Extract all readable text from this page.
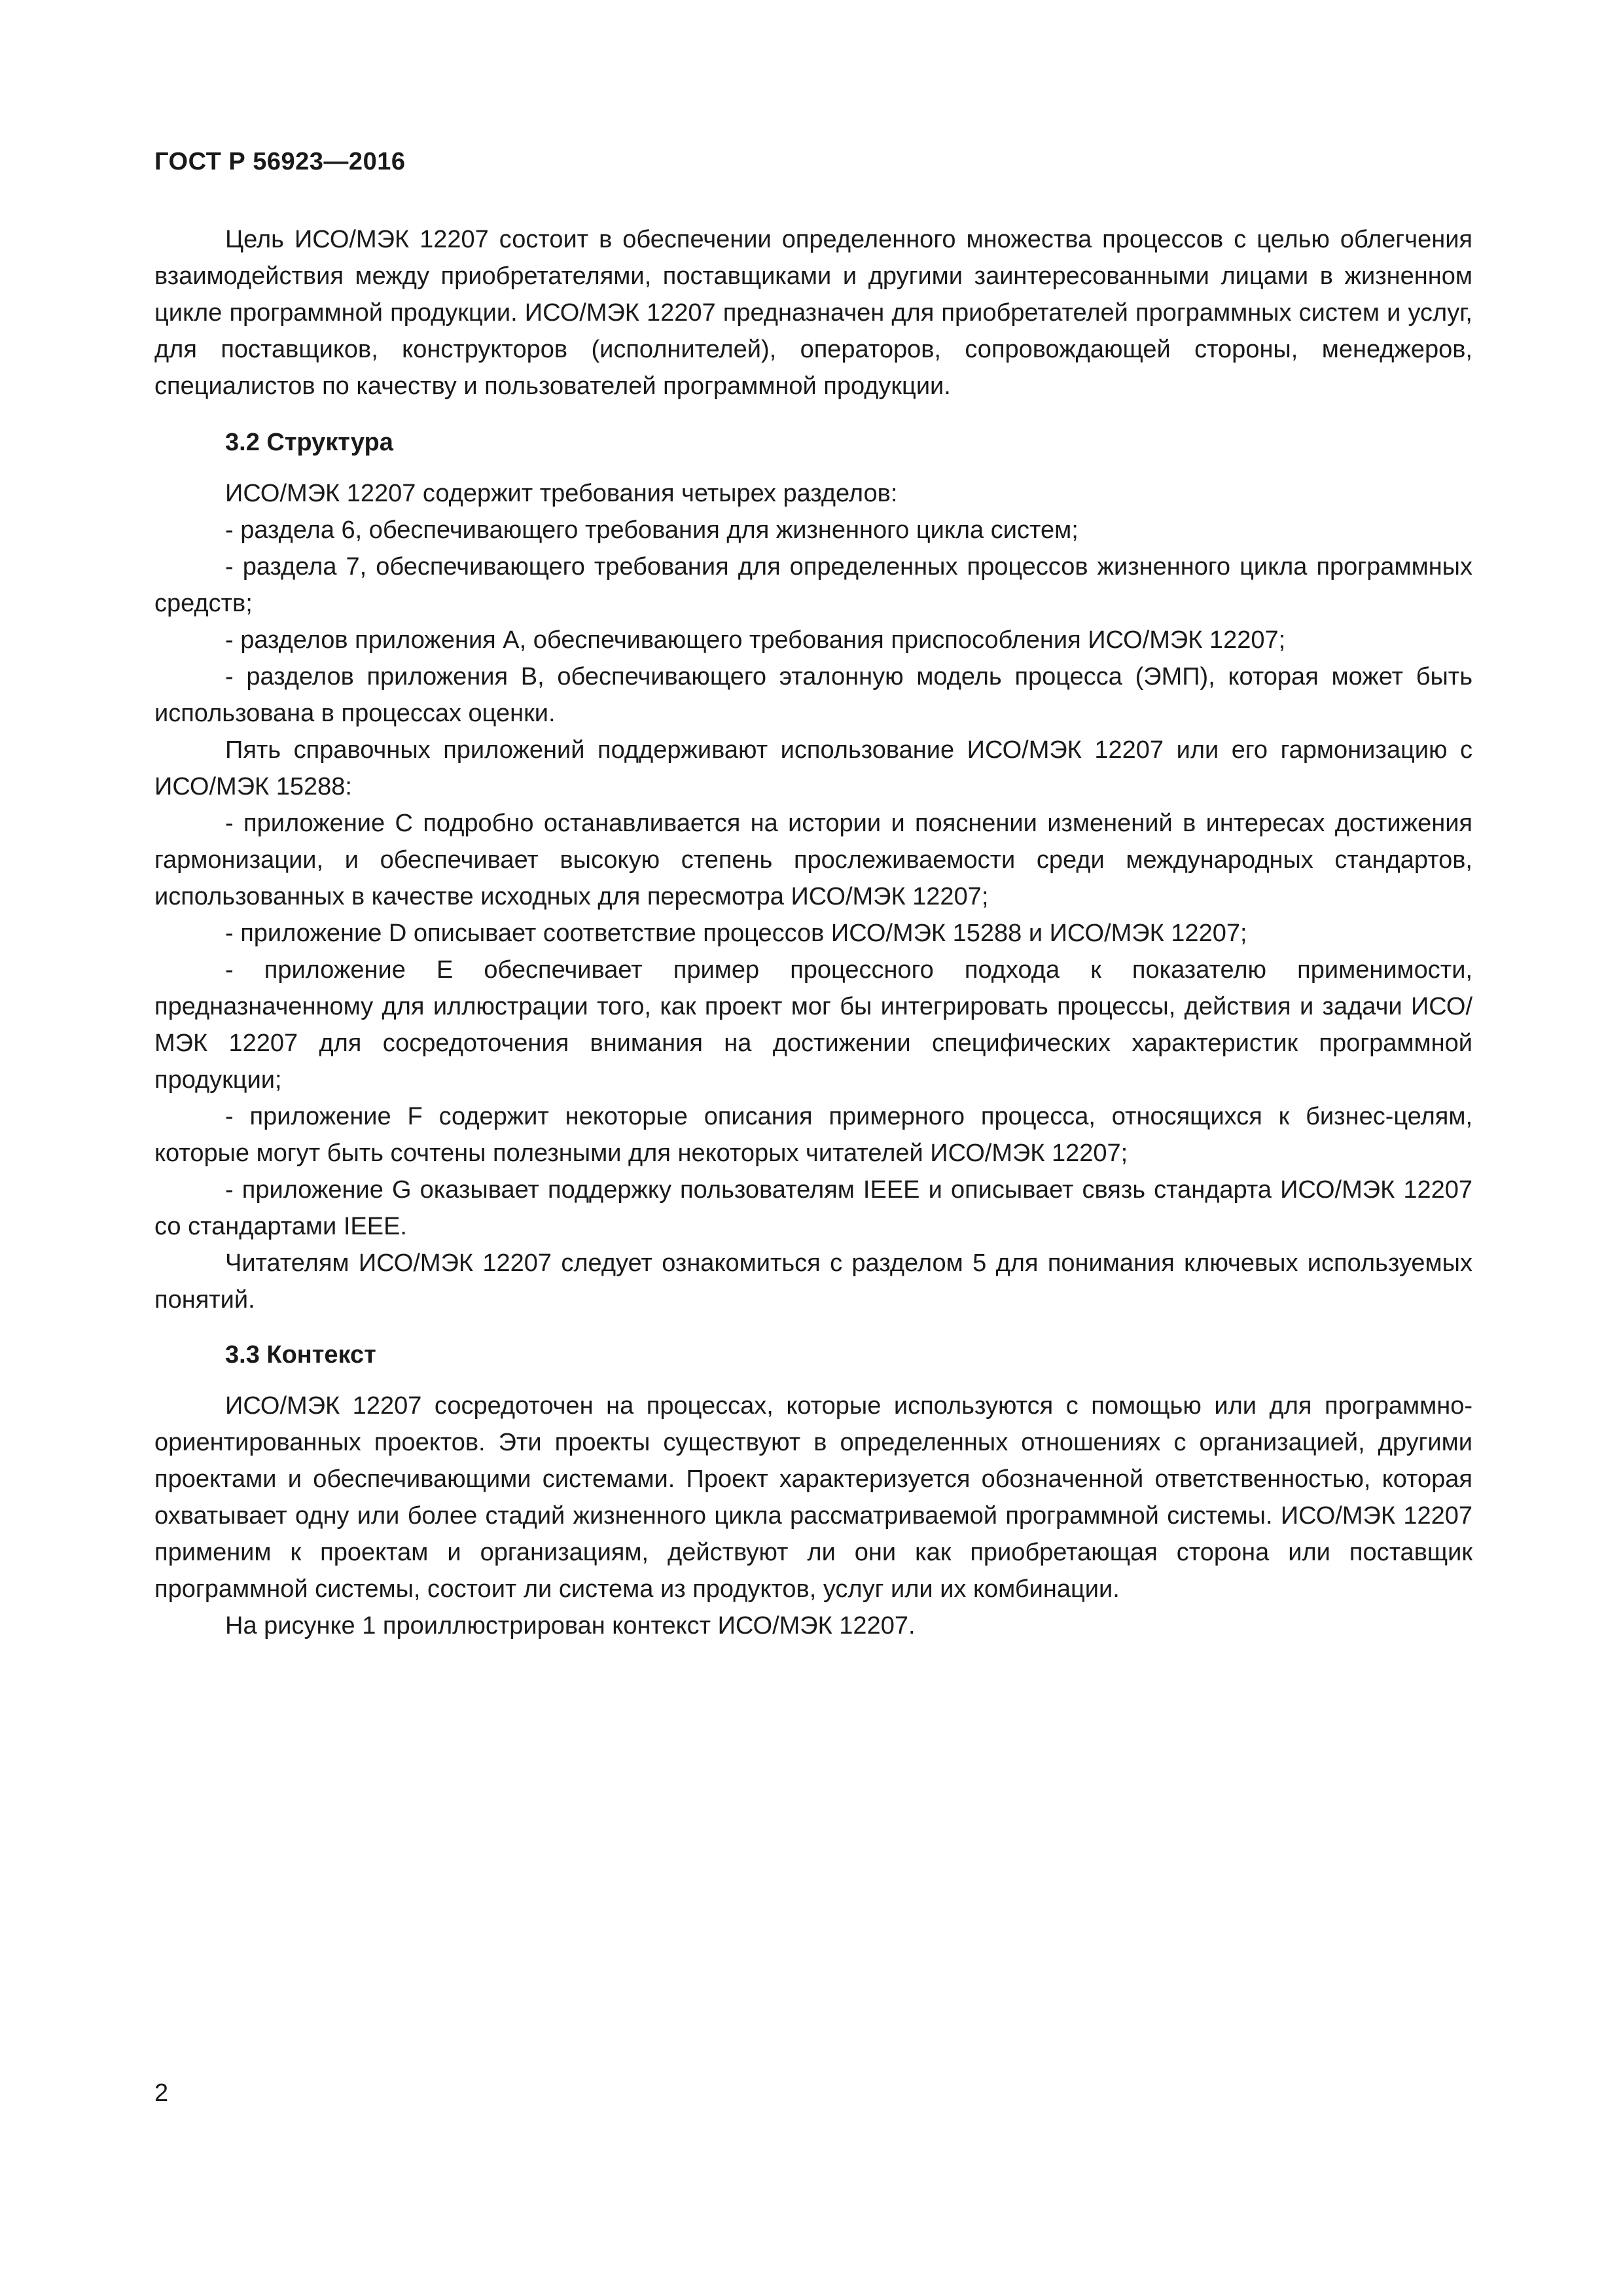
ГОСТ Р 56923—2016

Цель ИСО/МЭК 12207 состоит в обеспечении определенного множества процессов с целью облегчения взаимодействия между приобретателями, поставщиками и другими заинтересованными лицами в жизненном цикле программной продукции. ИСО/МЭК 12207 предназначен для приобретателей программных систем и услуг, для поставщиков, конструкторов (исполнителей), операторов, сопровождающей стороны, менеджеров, специалистов по качеству и пользователей программной продукции.

3.2 Структура

ИСО/МЭК 12207 содержит требования четырех разделов:

- раздела 6, обеспечивающего требования для жизненного цикла систем;

- раздела 7, обеспечивающего требования для определенных процессов жизненного цикла программных средств;

- разделов приложения А, обеспечивающего требования приспособления ИСО/МЭК 12207;

- разделов приложения В, обеспечивающего эталонную модель процесса (ЭМП), которая может быть использована в процессах оценки.

Пять справочных приложений поддерживают использование ИСО/МЭК 12207 или его гармонизацию с ИСО/МЭК 15288:

- приложение С подробно останавливается на истории и пояснении изменений в интересах достижения гармонизации, и обеспечивает высокую степень прослеживаемости среди международных стандартов, использованных в качестве исходных для пересмотра ИСО/МЭК 12207;

- приложение D описывает соответствие процессов ИСО/МЭК 15288 и ИСО/МЭК 12207;

- приложение Е обеспечивает пример процессного подхода к показателю применимости, предназначенному для иллюстрации того, как проект мог бы интегрировать процессы, действия и задачи ИСО/МЭК 12207 для сосредоточения внимания на достижении специфических характеристик программной продукции;

- приложение F содержит некоторые описания примерного процесса, относящихся к бизнес-целям, которые могут быть сочтены полезными для некоторых читателей ИСО/МЭК 12207;

- приложение G оказывает поддержку пользователям IEEE и описывает связь стандарта ИСО/МЭК 12207 со стандартами IEEE.

Читателям ИСО/МЭК 12207 следует ознакомиться с разделом 5 для понимания ключевых используемых понятий.

3.3 Контекст

ИСО/МЭК 12207 сосредоточен на процессах, которые используются с помощью или для программно-ориентированных проектов. Эти проекты существуют в определенных отношениях с организацией, другими проектами и обеспечивающими системами. Проект характеризуется обозначенной ответственностью, которая охватывает одну или более стадий жизненного цикла рассматриваемой программной системы. ИСО/МЭК 12207 применим к проектам и организациям, действуют ли они как приобретающая сторона или поставщик программной системы, состоит ли система из продуктов, услуг или их комбинации.

На рисунке 1 проиллюстрирован контекст ИСО/МЭК 12207.

2
